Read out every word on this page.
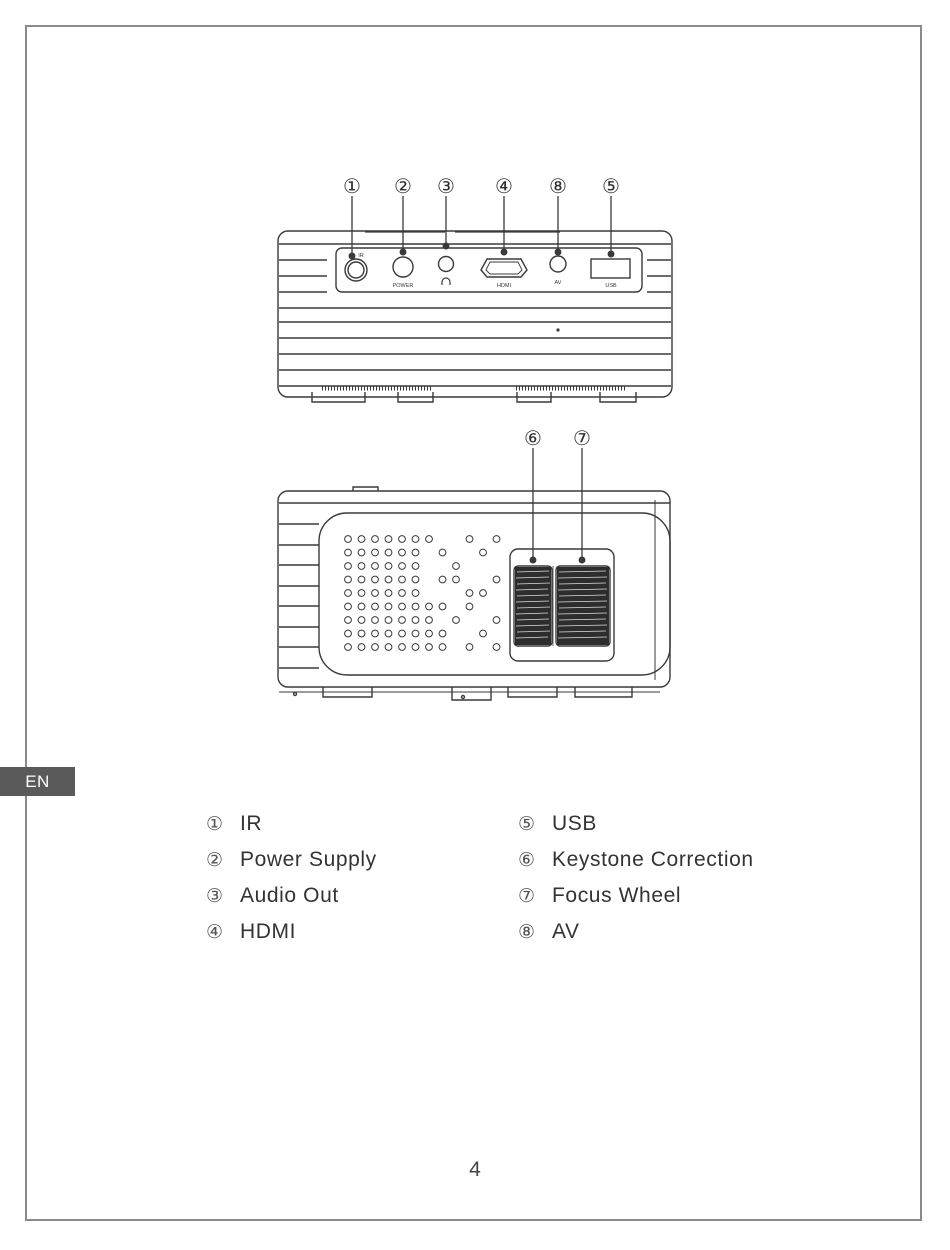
EN
① ② ③ ④ ⑧ ⑤
⑥ ⑦
IR
POWER	HDMI	AV	USB
① IR
② Power Supply
③ Audio Out
④ HDMI
⑤ USB
⑥ Keystone Correction
⑦ Focus Wheel
⑧ AV
4
